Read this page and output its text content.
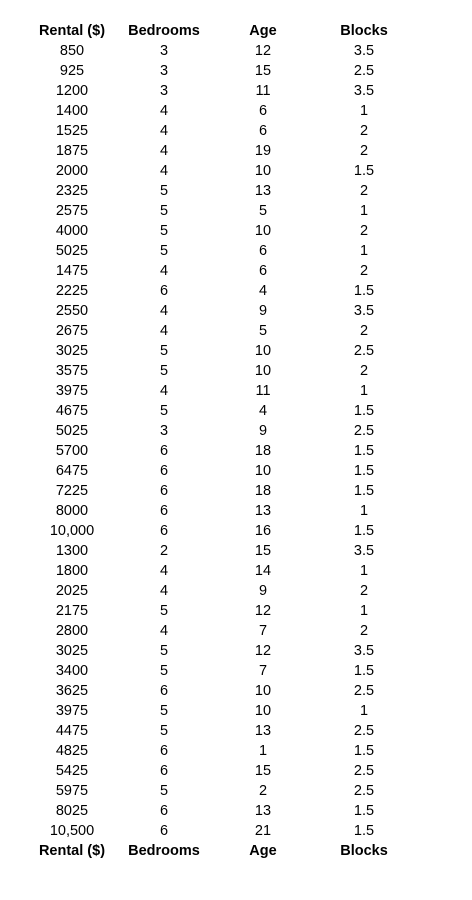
Rental ($)	Bedrooms	Age	Blocks
850	3	12	3.5
925	3	15	2.5
1200	3	11	3.5
1400	4	6	1
1525	4	6	2
1875	4	19	2
2000	4	10	1.5
2325	5	13	2
2575	5	5	1
4000	5	10	2
5025	5	6	1
1475	4	6	2
2225	6	4	1.5
2550	4	9	3.5
2675	4	5	2
3025	5	10	2.5
3575	5	10	2
3975	4	11	1
4675	5	4	1.5
5025	3	9	2.5
5700	6	18	1.5
6475	6	10	1.5
7225	6	18	1.5
8000	6	13	1
10,000	6	16	1.5
1300	2	15	3.5
1800	4	14	1
2025	4	9	2
2175	5	12	1
2800	4	7	2
3025	5	12	3.5
3400	5	7	1.5
3625	6	10	2.5
3975	5	10	1
4475	5	13	2.5
4825	6	1	1.5
5425	6	15	2.5
5975	5	2	2.5
8025	6	13	1.5
10,500	6	21	1.5
Rental ($)	Bedrooms	Age	Blocks
